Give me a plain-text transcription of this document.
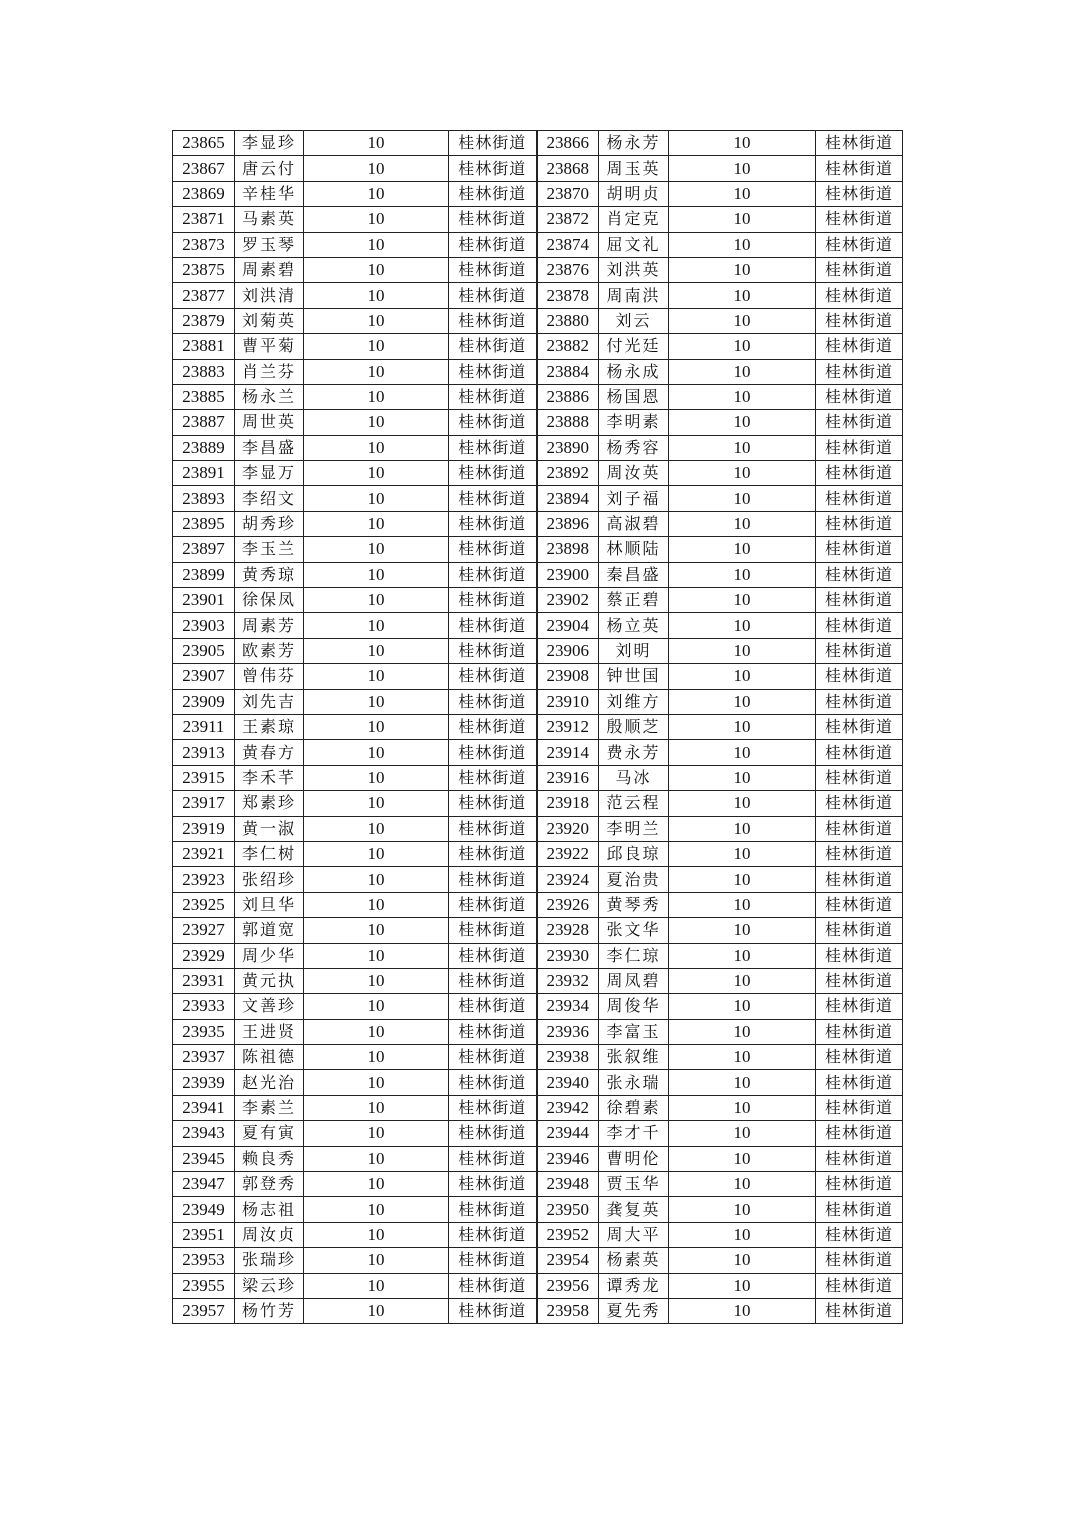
23865	李显珍	10	桂林街道	23866	杨永芳	10	桂林街道
23867	唐云付	10	桂林街道	23868	周玉英	10	桂林街道
23869	辛桂华	10	桂林街道	23870	胡明贞	10	桂林街道
23871	马素英	10	桂林街道	23872	肖定克	10	桂林街道
23873	罗玉琴	10	桂林街道	23874	屈文礼	10	桂林街道
23875	周素碧	10	桂林街道	23876	刘洪英	10	桂林街道
23877	刘洪清	10	桂林街道	23878	周南洪	10	桂林街道
23879	刘菊英	10	桂林街道	23880	刘云	10	桂林街道
23881	曹平菊	10	桂林街道	23882	付光廷	10	桂林街道
23883	肖兰芬	10	桂林街道	23884	杨永成	10	桂林街道
23885	杨永兰	10	桂林街道	23886	杨国恩	10	桂林街道
23887	周世英	10	桂林街道	23888	李明素	10	桂林街道
23889	李昌盛	10	桂林街道	23890	杨秀容	10	桂林街道
23891	李显万	10	桂林街道	23892	周汝英	10	桂林街道
23893	李绍文	10	桂林街道	23894	刘子福	10	桂林街道
23895	胡秀珍	10	桂林街道	23896	高淑碧	10	桂林街道
23897	李玉兰	10	桂林街道	23898	林顺陆	10	桂林街道
23899	黄秀琼	10	桂林街道	23900	秦昌盛	10	桂林街道
23901	徐保凤	10	桂林街道	23902	蔡正碧	10	桂林街道
23903	周素芳	10	桂林街道	23904	杨立英	10	桂林街道
23905	欧素芳	10	桂林街道	23906	刘明	10	桂林街道
23907	曾伟芬	10	桂林街道	23908	钟世国	10	桂林街道
23909	刘先吉	10	桂林街道	23910	刘维方	10	桂林街道
23911	王素琼	10	桂林街道	23912	殷顺芝	10	桂林街道
23913	黄春方	10	桂林街道	23914	费永芳	10	桂林街道
23915	李禾芊	10	桂林街道	23916	马冰	10	桂林街道
23917	郑素珍	10	桂林街道	23918	范云程	10	桂林街道
23919	黄一淑	10	桂林街道	23920	李明兰	10	桂林街道
23921	李仁树	10	桂林街道	23922	邱良琼	10	桂林街道
23923	张绍珍	10	桂林街道	23924	夏治贵	10	桂林街道
23925	刘旦华	10	桂林街道	23926	黄琴秀	10	桂林街道
23927	郭道宽	10	桂林街道	23928	张文华	10	桂林街道
23929	周少华	10	桂林街道	23930	李仁琼	10	桂林街道
23931	黄元执	10	桂林街道	23932	周凤碧	10	桂林街道
23933	文善珍	10	桂林街道	23934	周俊华	10	桂林街道
23935	王进贤	10	桂林街道	23936	李富玉	10	桂林街道
23937	陈祖德	10	桂林街道	23938	张叙维	10	桂林街道
23939	赵光治	10	桂林街道	23940	张永瑞	10	桂林街道
23941	李素兰	10	桂林街道	23942	徐碧素	10	桂林街道
23943	夏有寅	10	桂林街道	23944	李才千	10	桂林街道
23945	赖良秀	10	桂林街道	23946	曹明伦	10	桂林街道
23947	郭登秀	10	桂林街道	23948	贾玉华	10	桂林街道
23949	杨志祖	10	桂林街道	23950	龚复英	10	桂林街道
23951	周汝贞	10	桂林街道	23952	周大平	10	桂林街道
23953	张瑞珍	10	桂林街道	23954	杨素英	10	桂林街道
23955	梁云珍	10	桂林街道	23956	谭秀龙	10	桂林街道
23957	杨竹芳	10	桂林街道	23958	夏先秀	10	桂林街道
